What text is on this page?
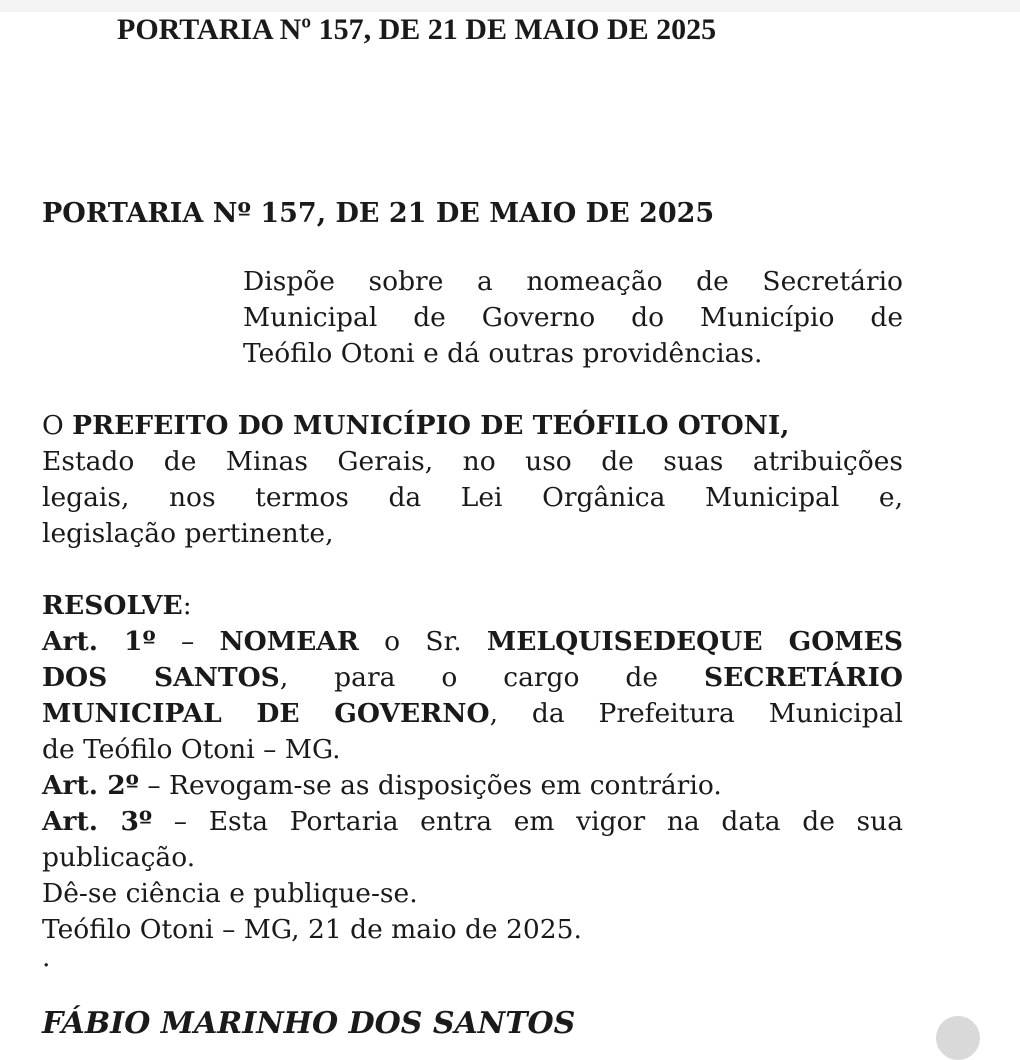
PORTARIA Nº 157, DE 21 DE MAIO DE 2025
PORTARIA Nº 157, DE 21 DE MAIO DE 2025
Dispõe sobre a nomeação de Secretário
Municipal de Governo do Município de
Teófilo Otoni e dá outras providências.
O PREFEITO DO MUNICÍPIO DE TEÓFILO OTONI,
Estado de Minas Gerais, no uso de suas atribuições
legais, nos termos da Lei Orgânica Municipal e,
legislação pertinente,
RESOLVE:
Art. 1º – NOMEAR o Sr. MELQUISEDEQUE GOMES
DOS SANTOS, para o cargo de SECRETÁRIO
MUNICIPAL DE GOVERNO, da Prefeitura Municipal
de Teófilo Otoni – MG.
Art. 2º – Revogam-se as disposições em contrário.
Art. 3º – Esta Portaria entra em vigor na data de sua
publicação.
Dê-se ciência e publique-se.
Teófilo Otoni – MG, 21 de maio de 2025.
.
FÁBIO MARINHO DOS SANTOS
